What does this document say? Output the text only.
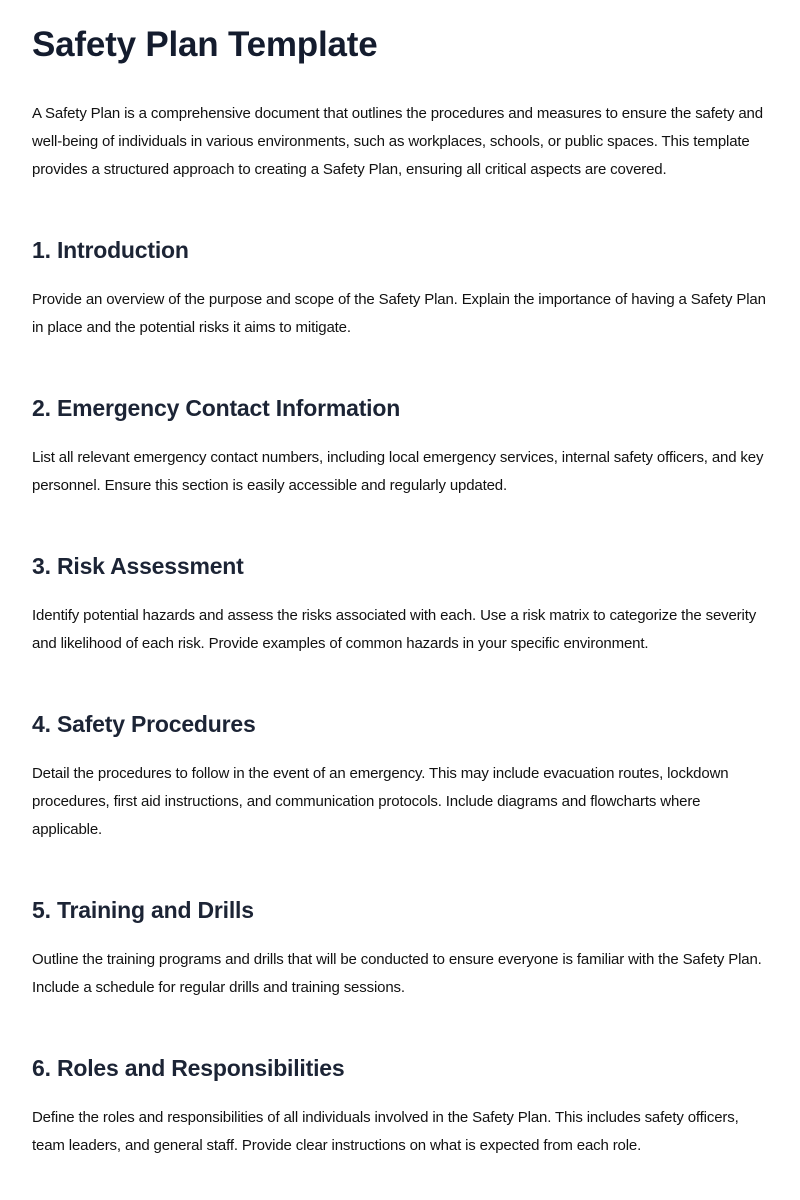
Safety Plan Template

A Safety Plan is a comprehensive document that outlines the procedures and measures to ensure the safety and well-being of individuals in various environments, such as workplaces, schools, or public spaces. This template provides a structured approach to creating a Safety Plan, ensuring all critical aspects are covered.

1. Introduction

Provide an overview of the purpose and scope of the Safety Plan. Explain the importance of having a Safety Plan in place and the potential risks it aims to mitigate.

2. Emergency Contact Information

List all relevant emergency contact numbers, including local emergency services, internal safety officers, and key personnel. Ensure this section is easily accessible and regularly updated.

3. Risk Assessment

Identify potential hazards and assess the risks associated with each. Use a risk matrix to categorize the severity and likelihood of each risk. Provide examples of common hazards in your specific environment.

4. Safety Procedures

Detail the procedures to follow in the event of an emergency. This may include evacuation routes, lockdown procedures, first aid instructions, and communication protocols. Include diagrams and flowcharts where applicable.

5. Training and Drills

Outline the training programs and drills that will be conducted to ensure everyone is familiar with the Safety Plan. Include a schedule for regular drills and training sessions.

6. Roles and Responsibilities

Define the roles and responsibilities of all individuals involved in the Safety Plan. This includes safety officers, team leaders, and general staff. Provide clear instructions on what is expected from each role.
